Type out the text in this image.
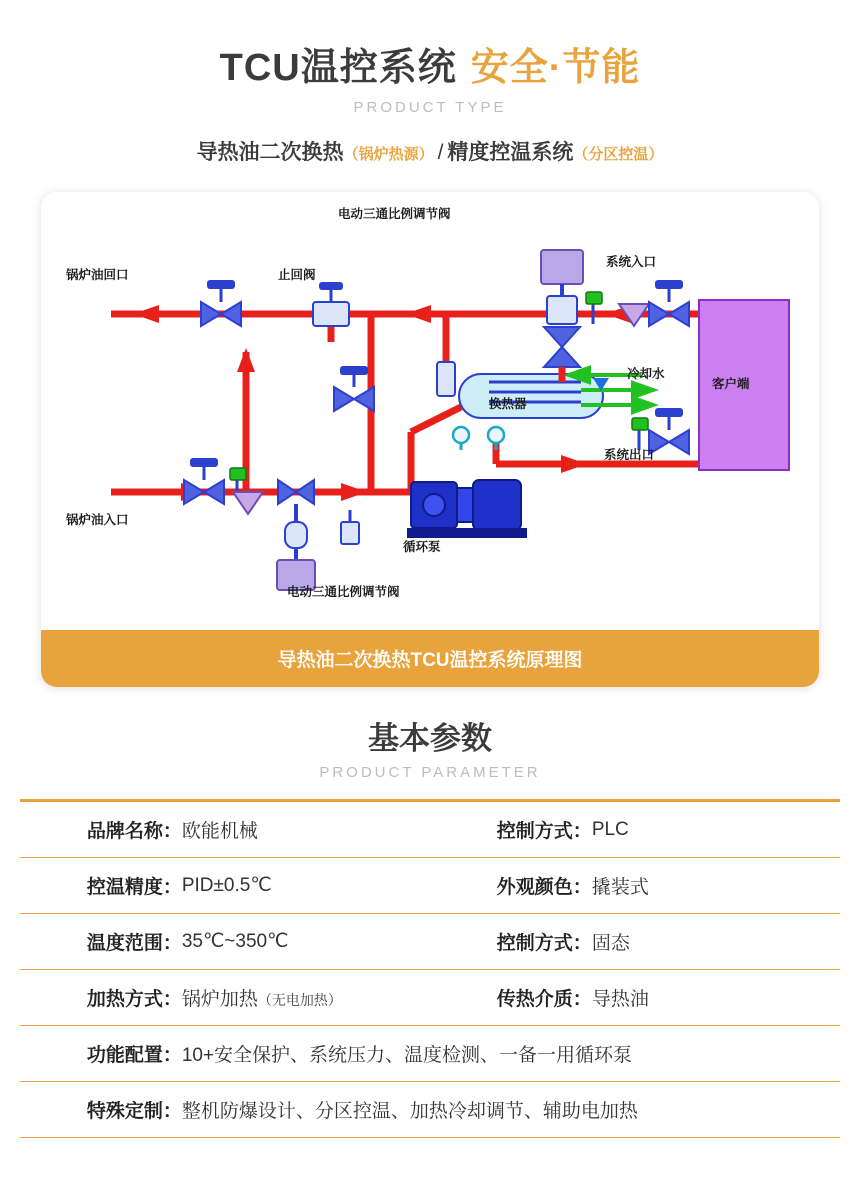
TCU温控系统 安全·节能
PRODUCT TYPE
导热油二次换热（锅炉热源） / 精度控温系统（分区控温）
电动三通比例调节阀
止回阀
锅炉油回口
系统入口
客户端
冷却水
换热器
系统出口
锅炉油入口
循环泵
电动三通比例调节阀
导热油二次换热TCU温控系统原理图
基本参数
PRODUCT PARAMETER
品牌名称：	欧能机械	控制方式：	PLC
控温精度：	PID±0.5℃	外观颜色：	撬装式
温度范围：	35℃~350℃	控制方式：	固态
加热方式：	锅炉加热（无电加热）	传热介质：	导热油
功能配置：	10+安全保护、系统压力、温度检测、一备一用循环泵		
特殊定制：	整机防爆设计、分区控温、加热冷却调节、辅助电加热		
